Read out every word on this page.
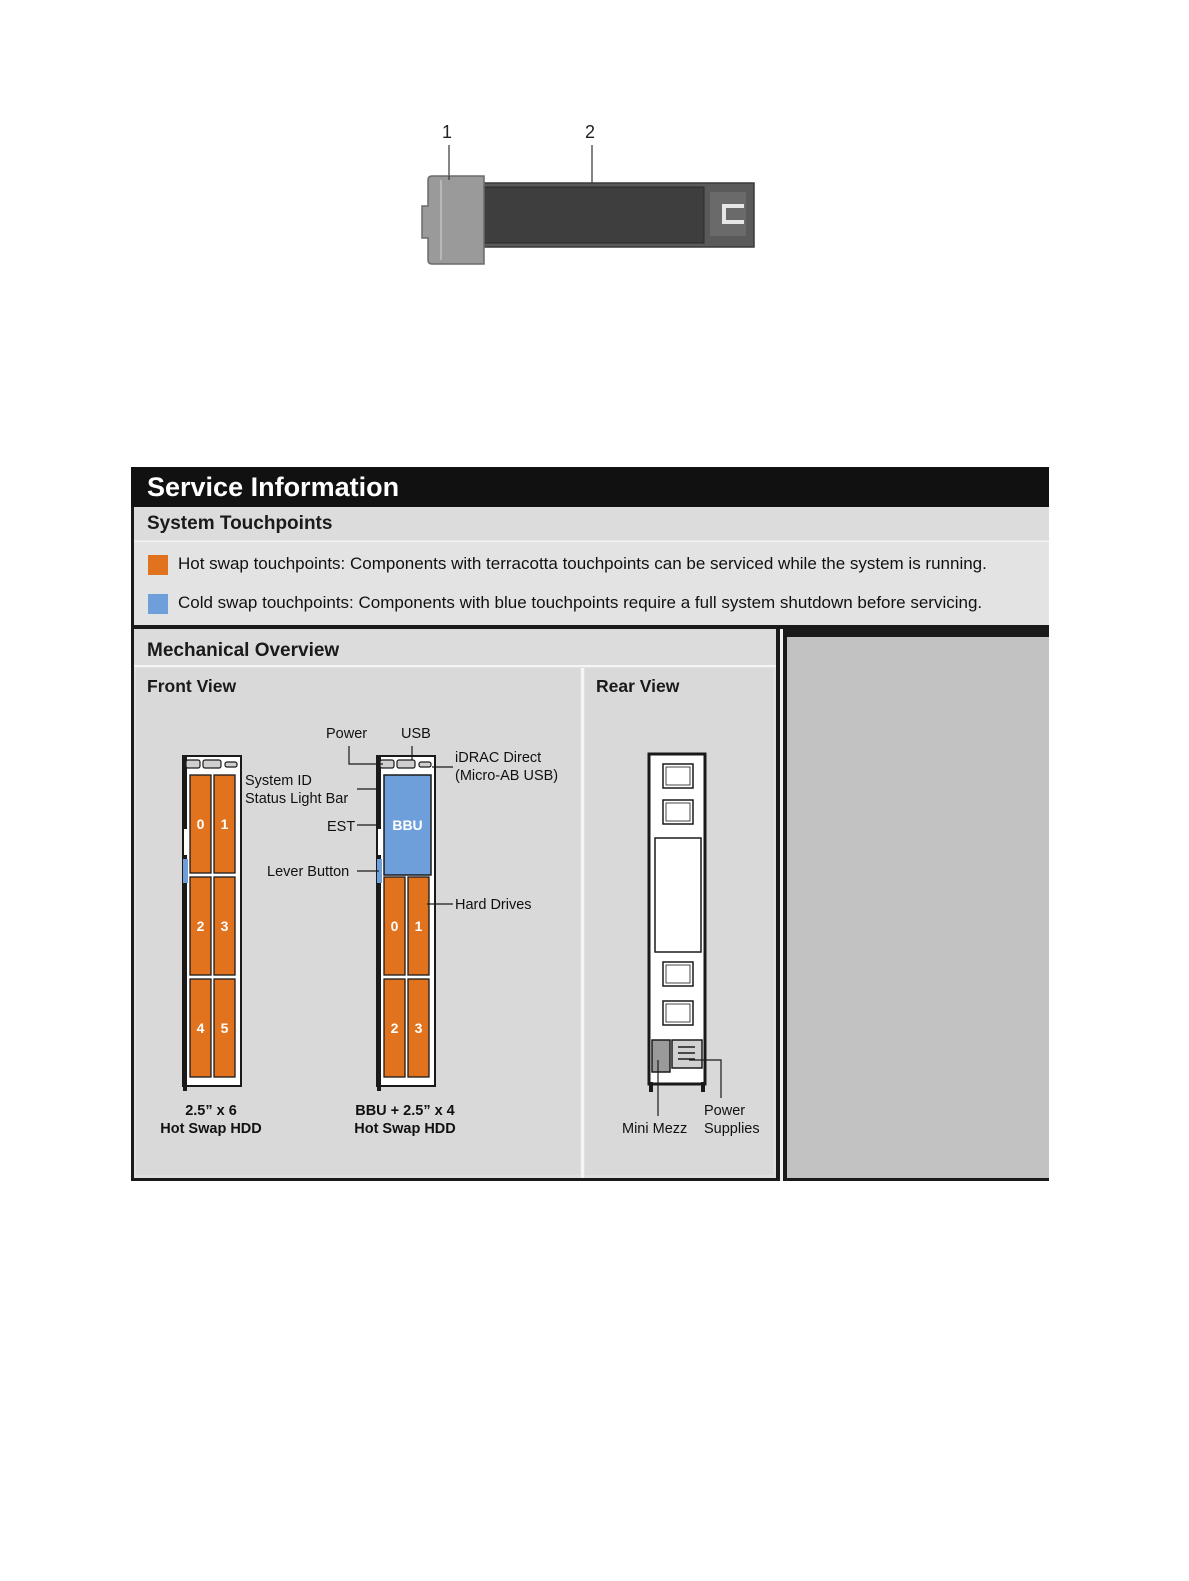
1	2
Service Information
System Touchpoints
Hot swap touchpoints: Components with terracotta touchpoints can be serviced while the system is running.
Cold swap touchpoints: Components with blue touchpoints require a full system shutdown before servicing.
Mechanical Overview
Front View	Rear View
0 1
2 3
4 5
0 1
2 3
BBU
Power USB
iDRAC Direct
(Micro-AB USB)
System ID
Status Light Bar
EST
Lever Button
Hard Drives
2.5” x 6
Hot Swap HDD
BBU + 2.5” x 4
Hot Swap HDD	Mini Mezz
Power
Supplies
